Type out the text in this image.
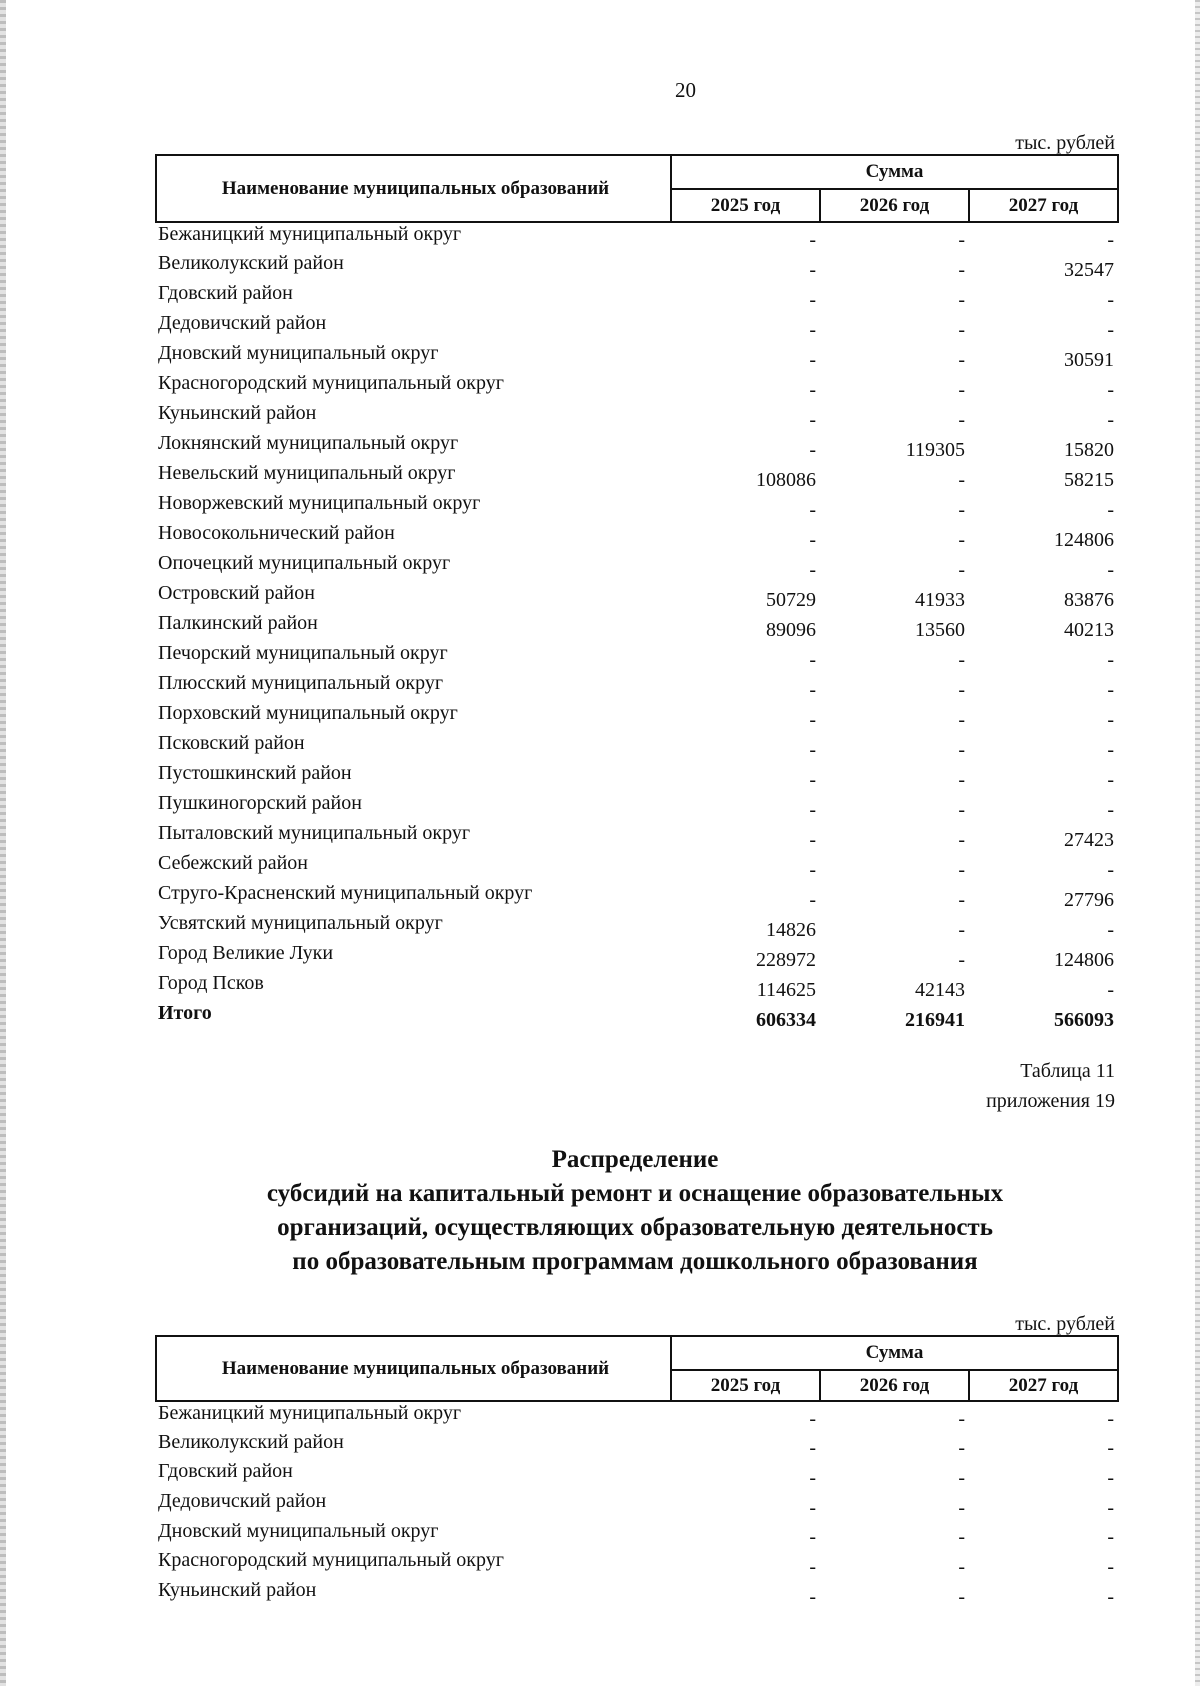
20
тыс. рублей
Наименование муниципальных образований	Сумма		
	2025 год	2026 год	2027 год
Бежаницкий муниципальный округ	-	-	-
Великолукский район	-	-	32547
Гдовский район	-	-	-
Дедовичский район	-	-	-
Дновский муниципальный округ	-	-	30591
Красногородский муниципальный округ	-	-	-
Куньинский район	-	-	-
Локнянский муниципальный округ	-	119305	15820
Невельский муниципальный округ	108086	-	58215
Новоржевский муниципальный округ	-	-	-
Новосокольнический район	-	-	124806
Опочецкий муниципальный округ	-	-	-
Островский район	50729	41933	83876
Палкинский район	89096	13560	40213
Печорский муниципальный округ	-	-	-
Плюсский муниципальный округ	-	-	-
Порховский муниципальный округ	-	-	-
Псковский район	-	-	-
Пустошкинский район	-	-	-
Пушкиногорский район	-	-	-
Пыталовский муниципальный округ	-	-	27423
Себежский район	-	-	-
Струго-Красненский муниципальный округ	-	-	27796
Усвятский муниципальный округ	14826	-	-
Город Великие Луки	228972	-	124806
Город Псков	114625	42143	-
Итого	606334	216941	566093
Таблица 11
приложения 19
Распределение
субсидий на капитальный ремонт и оснащение образовательных
организаций, осуществляющих образовательную деятельность
по образовательным программам дошкольного образования
тыс. рублей
Наименование муниципальных образований	Сумма		
	2025 год	2026 год	2027 год
Бежаницкий муниципальный округ	-	-	-
Великолукский район	-	-	-
Гдовский район	-	-	-
Дедовичский район	-	-	-
Дновский муниципальный округ	-	-	-
Красногородский муниципальный округ	-	-	-
Куньинский район	-	-	-
